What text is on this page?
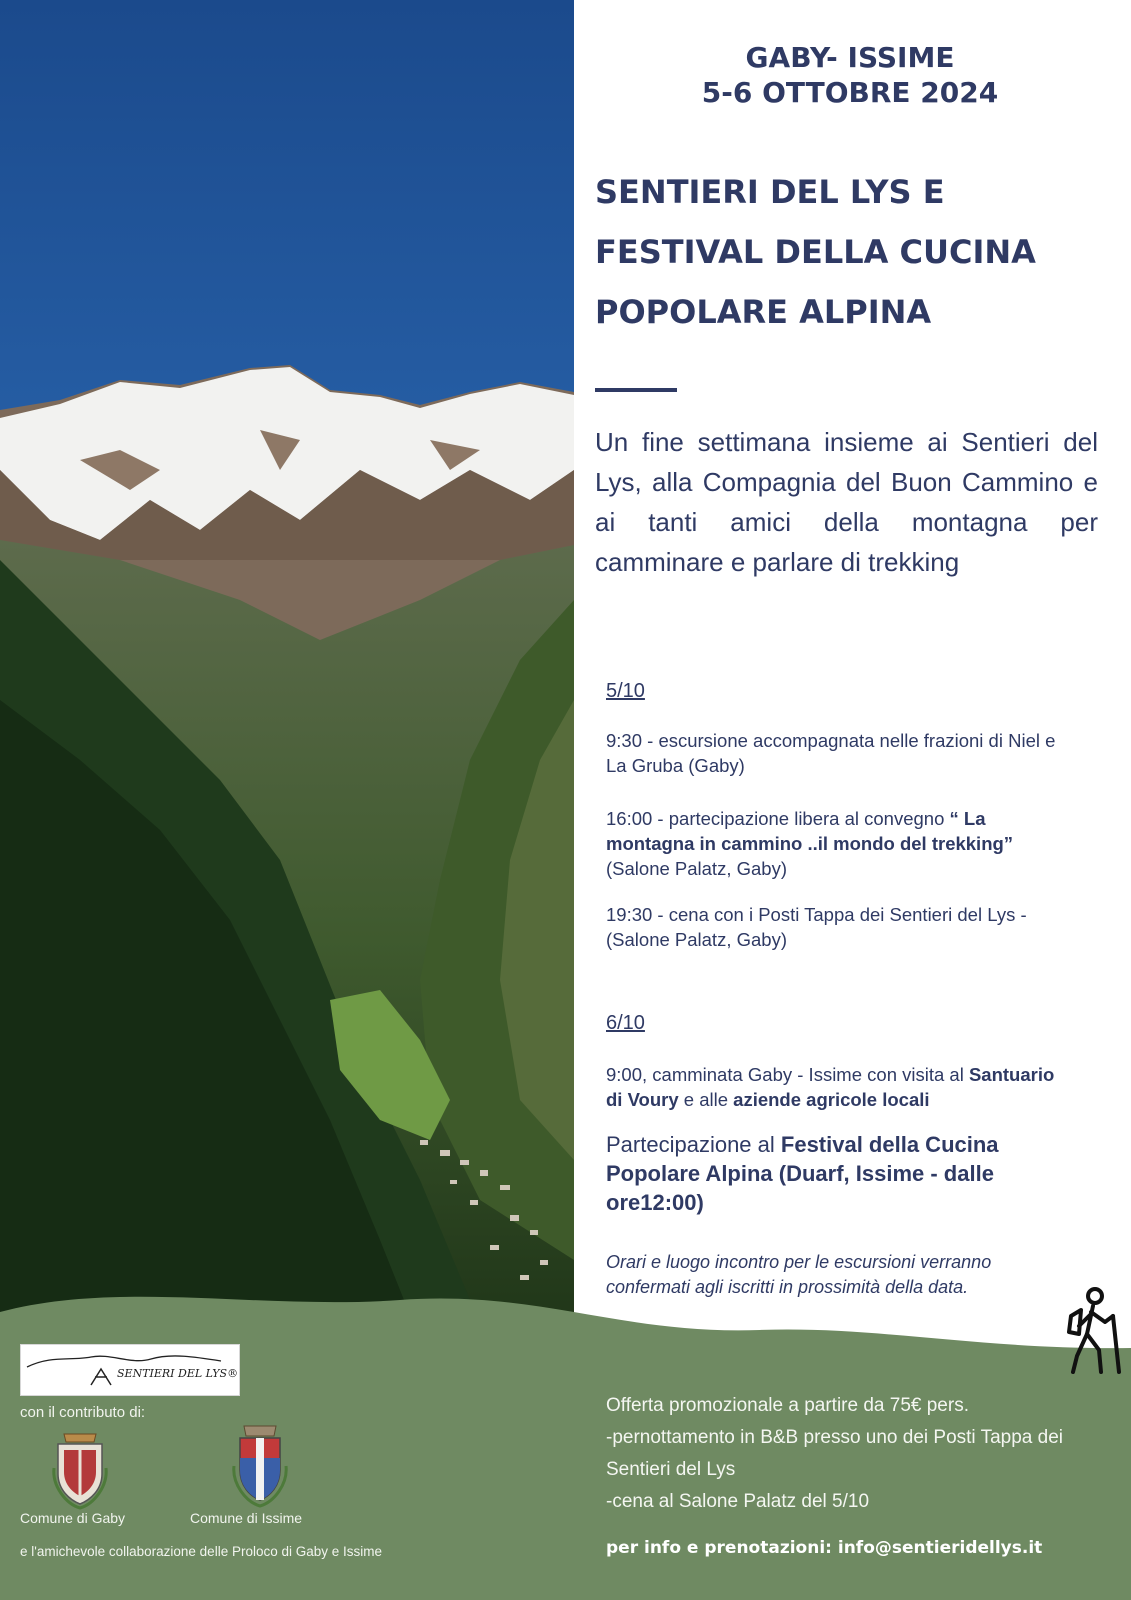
GABY- ISSIME
5-6 OTTOBRE 2024
SENTIERI DEL LYS E
FESTIVAL DELLA CUCINA
POPOLARE ALPINA

Un fine settimana insieme ai Sentieri del Lys, alla Compagnia del Buon Cammino e ai tanti amici della montagna per camminare e parlare di trekking

5/10

9:30 - escursione accompagnata nelle frazioni di Niel e La Gruba (Gaby)

16:00 - partecipazione libera al convegno “ La montagna in cammino ..il mondo del trekking” (Salone Palatz, Gaby)

19:30 - cena con i Posti Tappa dei Sentieri del Lys - (Salone Palatz, Gaby)

6/10

9:00, camminata Gaby - Issime con visita al Santuario di Voury e alle aziende agricole locali

Partecipazione al Festival della Cucina Popolare Alpina (Duarf, Issime - dalle ore12:00)

Orari e luogo incontro per le escursioni verranno confermati agli iscritti in prossimità della data.

SENTIERI DEL LYS®
con il contributo di:
Comune di Gaby	Comune di Issime
e l'amichevole collaborazione delle Proloco di Gaby e Issime
Offerta promozionale a partire da 75€ pers.
-pernottamento in B&B presso uno dei Posti Tappa dei Sentieri del Lys
-cena al Salone Palatz del 5/10
per info e prenotazioni: info@sentieridellys.it
